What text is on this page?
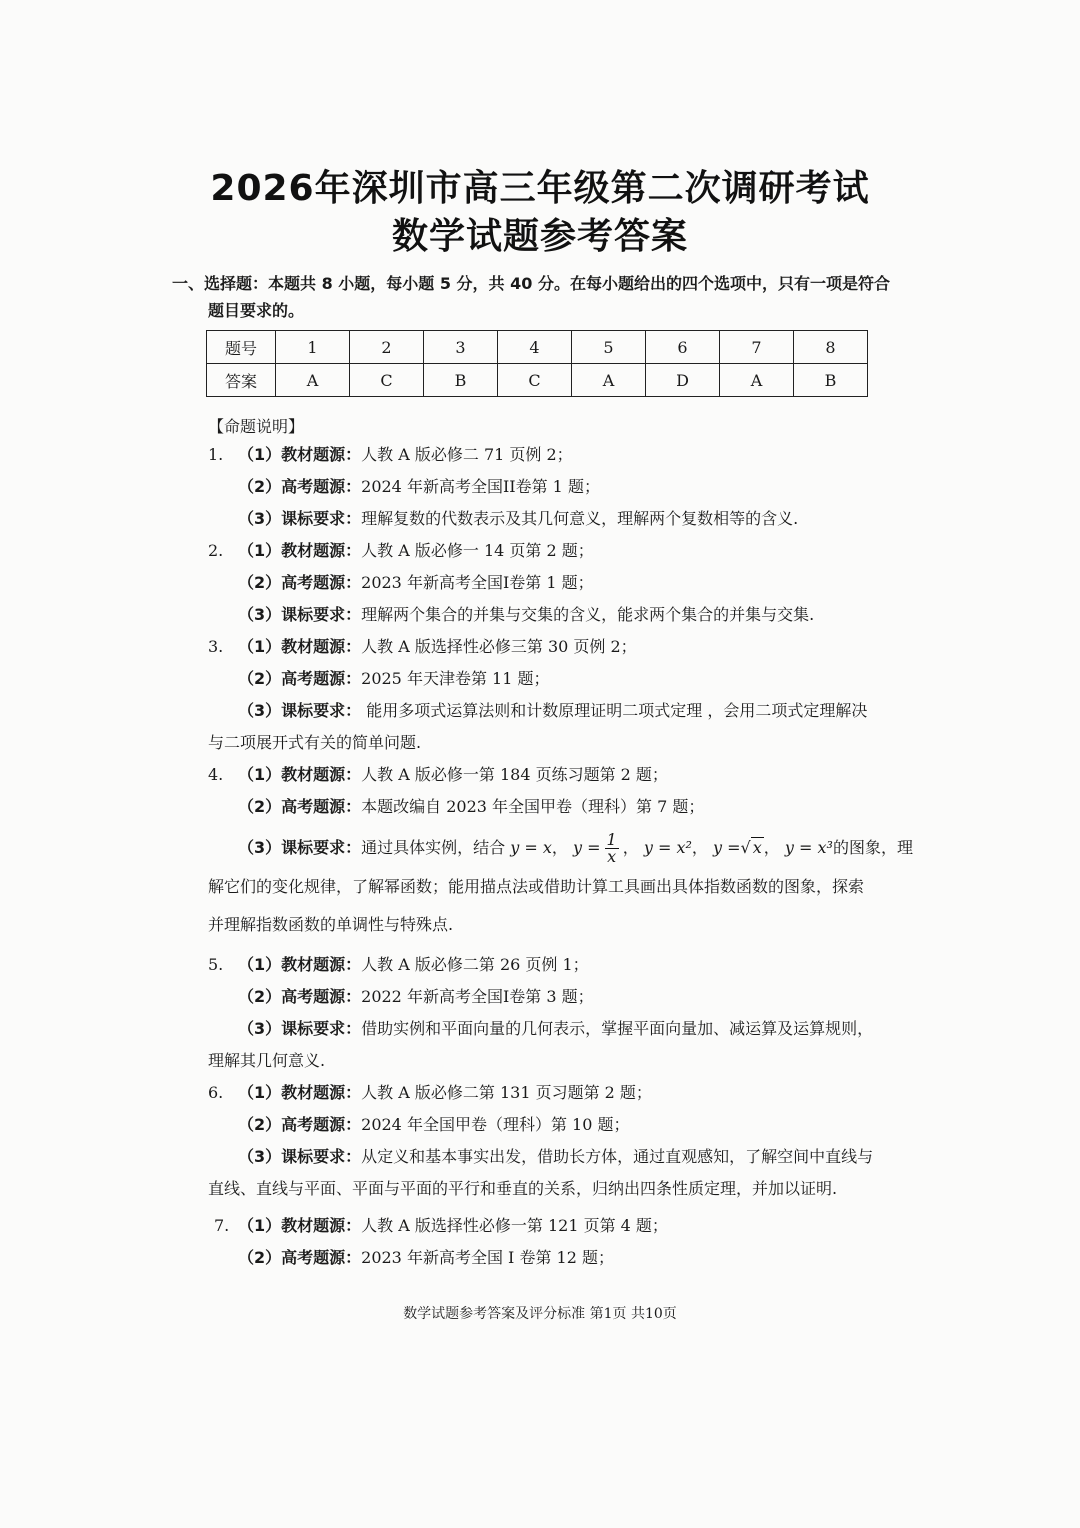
2026年深圳市高三年级第二次调研考试
数学试题参考答案
一、选择题：本题共 8 小题，每小题 5 分，共 40 分。在每小题给出的四个选项中，只有一项是符合
题目要求的。
题号	1	2	3	4	5	6	7	8
答案	A	C	B	C	A	D	A	B
【命题说明】
1. （1）教材题源：人教 A 版必修二 71 页例 2；
（2）高考题源：2024 年新高考全国II卷第 1 题；
（3）课标要求：理解复数的代数表示及其几何意义，理解两个复数相等的含义.
2. （1）教材题源：人教 A 版必修一 14 页第 2 题；
（2）高考题源：2023 年新高考全国I卷第 1 题；
（3）课标要求：理解两个集合的并集与交集的含义，能求两个集合的并集与交集.
3. （1）教材题源：人教 A 版选择性必修三第 30 页例 2；
（2）高考题源：2025 年天津卷第 11 题；
（3）课标要求： 能用多项式运算法则和计数原理证明二项式定理 ，会用二项式定理解决
与二项展开式有关的简单问题.
4. （1）教材题源：人教 A 版必修一第 184 页练习题第 2 题；
（2）高考题源：本题改编自 2023 年全国甲卷（理科）第 7 题；
（3）课标要求：通过具体实例，结合 y = x， $y = \frac{1}{x}$ ， y = x²， y =√ x ， y = x³的图象，理
解它们的变化规律，了解幂函数；能用描点法或借助计算工具画出具体指数函数的图象，探索
并理解指数函数的单调性与特殊点.
5. （1）教材题源：人教 A 版必修二第 26 页例 1；
（2）高考题源：2022 年新高考全国I卷第 3 题；
（3）课标要求：借助实例和平面向量的几何表示，掌握平面向量加、减运算及运算规则，
理解其几何意义.
6. （1）教材题源：人教 A 版必修二第 131 页习题第 2 题；
（2）高考题源：2024 年全国甲卷（理科）第 10 题；
（3）课标要求：从定义和基本事实出发，借助长方体，通过直观感知，了解空间中直线与
直线、直线与平面、平面与平面的平行和垂直的关系，归纳出四条性质定理，并加以证明.
7. （1）教材题源：人教 A 版选择性必修一第 121 页第 4 题；
（2）高考题源：2023 年新高考全国 I 卷第 12 题；
数学试题参考答案及评分标准 第1页 共10页
